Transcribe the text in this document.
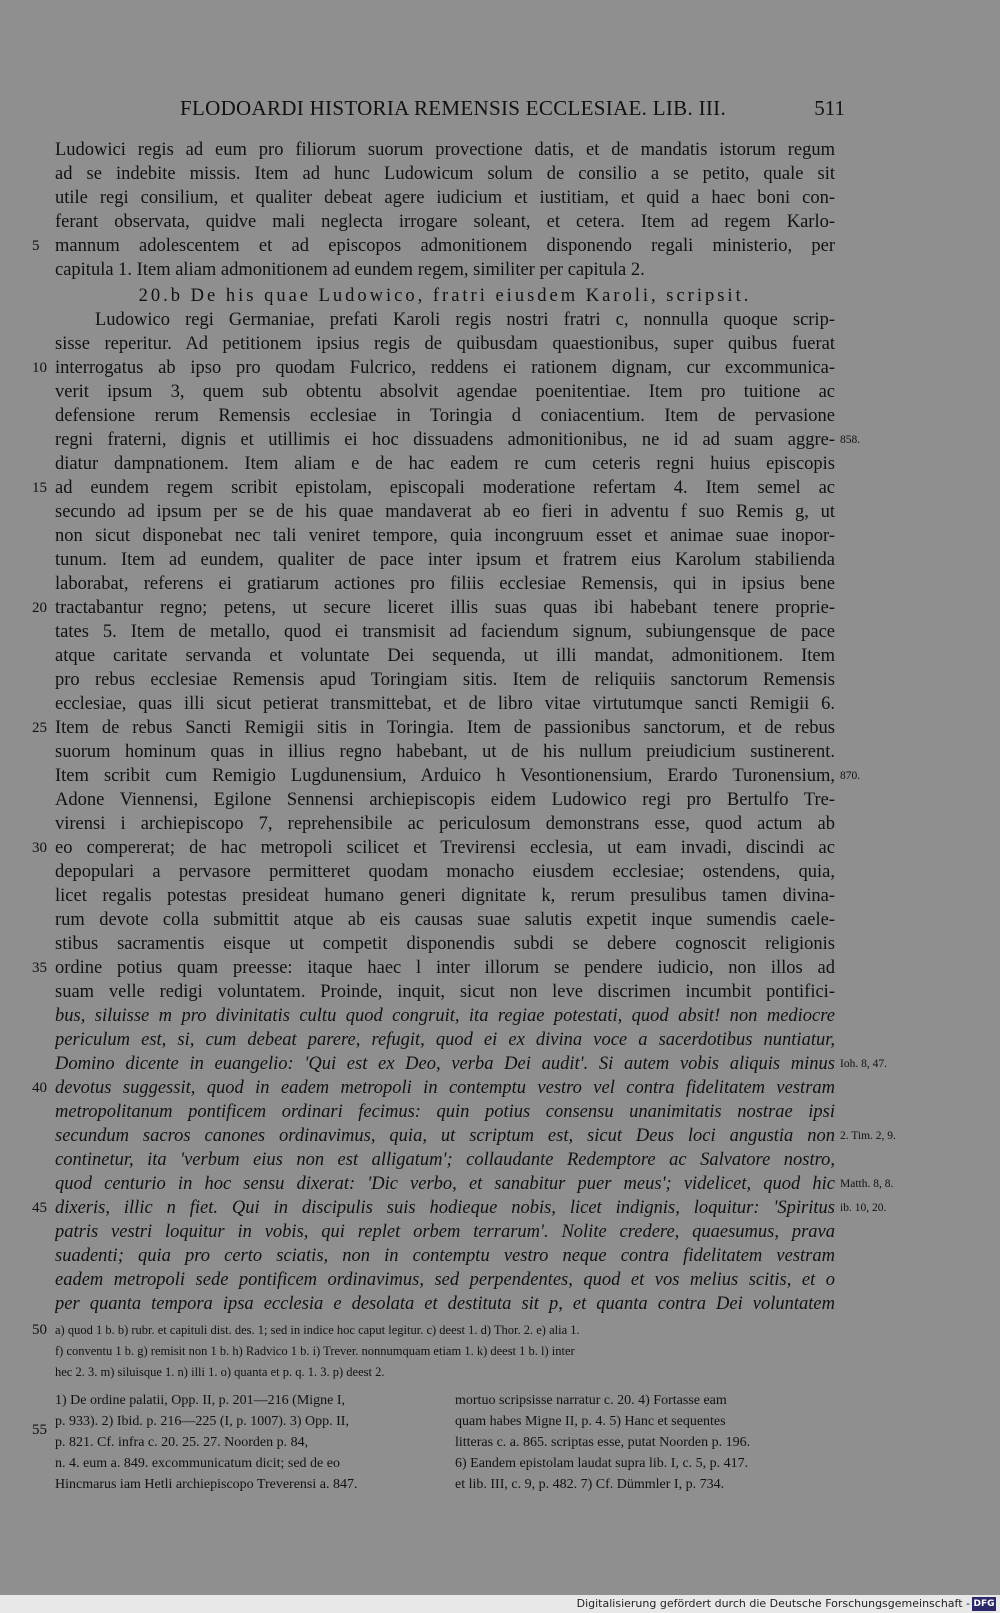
FLODOARDI HISTORIA REMENSIS ECCLESIAE. LIB. III.	511
Ludowici regis ad eum pro filiorum suorum provectione datis, et de mandatis istorum regum
ad se indebite missis. Item ad hunc Ludowicum solum de consilio a se petito, quale sit
utile regi consilium, et qualiter debeat agere iudicium et iustitiam, et quid a haec boni con-
ferant observata, quidve mali neglecta irrogare soleant, et cetera. Item ad regem Karlo-
mannum adolescentem et ad episcopos admonitionem disponendo regali ministerio, per
capitula 1. Item aliam admonitionem ad eundem regem, similiter per capitula 2.
20.b De his quae Ludowico, fratri eiusdem Karoli, scripsit.
Ludowico regi Germaniae, prefati Karoli regis nostri fratri c, nonnulla quoque scrip-
sisse reperitur. Ad petitionem ipsius regis de quibusdam quaestionibus, super quibus fuerat
interrogatus ab ipso pro quodam Fulcrico, reddens ei rationem dignam, cur excommunica-
verit ipsum 3, quem sub obtentu absolvit agendae poenitentiae. Item pro tuitione ac
defensione rerum Remensis ecclesiae in Toringia d coniacentium. Item de pervasione
regni fraterni, dignis et utillimis ei hoc dissuadens admonitionibus, ne id ad suam aggre-
diatur dampnationem. Item aliam e de hac eadem re cum ceteris regni huius episcopis
ad eundem regem scribit epistolam, episcopali moderatione refertam 4. Item semel ac
secundo ad ipsum per se de his quae mandaverat ab eo fieri in adventu f suo Remis g, ut
non sicut disponebat nec tali veniret tempore, quia incongruum esset et animae suae inopor-
tunum. Item ad eundem, qualiter de pace inter ipsum et fratrem eius Karolum stabilienda
laborabat, referens ei gratiarum actiones pro filiis ecclesiae Remensis, qui in ipsius bene
tractabantur regno; petens, ut secure liceret illis suas quas ibi habebant tenere proprie-
tates 5. Item de metallo, quod ei transmisit ad faciendum signum, subiungensque de pace
atque caritate servanda et voluntate Dei sequenda, ut illi mandat, admonitionem. Item
pro rebus ecclesiae Remensis apud Toringiam sitis. Item de reliquiis sanctorum Remensis
ecclesiae, quas illi sicut petierat transmittebat, et de libro vitae virtutumque sancti Remigii 6.
Item de rebus Sancti Remigii sitis in Toringia. Item de passionibus sanctorum, et de rebus
suorum hominum quas in illius regno habebant, ut de his nullum preiudicium sustinerent.
Item scribit cum Remigio Lugdunensium, Arduico h Vesontionensium, Erardo Turonensium,
Adone Viennensi, Egilone Sennensi archiepiscopis eidem Ludowico regi pro Bertulfo Tre-
virensi i archiepiscopo 7, reprehensibile ac periculosum demonstrans esse, quod actum ab
eo compererat; de hac metropoli scilicet et Trevirensi ecclesia, ut eam invadi, discindi ac
depopulari a pervasore permitteret quodam monacho eiusdem ecclesiae; ostendens, quia,
licet regalis potestas presideat humano generi dignitate k, rerum presulibus tamen divina-
rum devote colla submittit atque ab eis causas suae salutis expetit inque sumendis caele-
stibus sacramentis eisque ut competit disponendis subdi se debere cognoscit religionis
ordine potius quam preesse: itaque haec l inter illorum se pendere iudicio, non illos ad
suam velle redigi voluntatem. Proinde, inquit, sicut non leve discrimen incumbit pontifici-
bus, siluisse m pro divinitatis cultu quod congruit, ita regiae potestati, quod absit! non mediocre
periculum est, si, cum debeat parere, refugit, quod ei ex divina voce a sacerdotibus nuntiatur,
Domino dicente in euangelio: 'Qui est ex Deo, verba Dei audit'. Si autem vobis aliquis minus
devotus suggessit, quod in eadem metropoli in contemptu vestro vel contra fidelitatem vestram
metropolitanum pontificem ordinari fecimus: quin potius consensu unanimitatis nostrae ipsi
secundum sacros canones ordinavimus, quia, ut scriptum est, sicut Deus loci angustia non
continetur, ita 'verbum eius non est alligatum'; collaudante Redemptore ac Salvatore nostro,
quod centurio in hoc sensu dixerat: 'Dic verbo, et sanabitur puer meus'; videlicet, quod hic
dixeris, illic n fiet. Qui in discipulis suis hodieque nobis, licet indignis, loquitur: 'Spiritus
patris vestri loquitur in vobis, qui replet orbem terrarum'. Nolite credere, quaesumus, prava
suadenti; quia pro certo sciatis, non in contemptu vestro neque contra fidelitatem vestram
eadem metropoli sede pontificem ordinavimus, sed perpendentes, quod et vos melius scitis, et o
per quanta tempora ipsa ecclesia e desolata et destituta sit p, et quanta contra Dei voluntatem
5
10
15
20
25
30
35
40
45
50
55
858.
870.
Ioh. 8, 47.
2. Tim. 2, 9.
Matth. 8, 8.
ib. 10, 20.
a) quod 1 b. b) rubr. et capituli dist. des. 1; sed in indice hoc caput legitur. c) deest 1. d) Thor. 2. e) alia 1.
f) conventu 1 b. g) remisit non 1 b. h) Radvico 1 b. i) Trever. nonnumquam etiam 1. k) deest 1 b. l) inter
hec 2. 3. m) siluisque 1. n) illi 1. o) quanta et p. q. 1. 3. p) deest 2.
1) De ordine palatii, Opp. II, p. 201—216 (Migne I,
p. 933). 2) Ibid. p. 216—225 (I, p. 1007). 3) Opp. II,
p. 821. Cf. infra c. 20. 25. 27. Noorden p. 84,
n. 4. eum a. 849. excommunicatum dicit; sed de eo
Hincmarus iam Hetli archiepiscopo Treverensi a. 847.
mortuo scripsisse narratur c. 20. 4) Fortasse eam
quam habes Migne II, p. 4. 5) Hanc et sequentes
litteras c. a. 865. scriptas esse, putat Noorden p. 196.
6) Eandem epistolam laudat supra lib. I, c. 5, p. 417.
et lib. III, c. 9, p. 482. 7) Cf. Dümmler I, p. 734.
Digitalisierung gefördert durch die Deutsche Forschungsgemeinschaft - DFG
